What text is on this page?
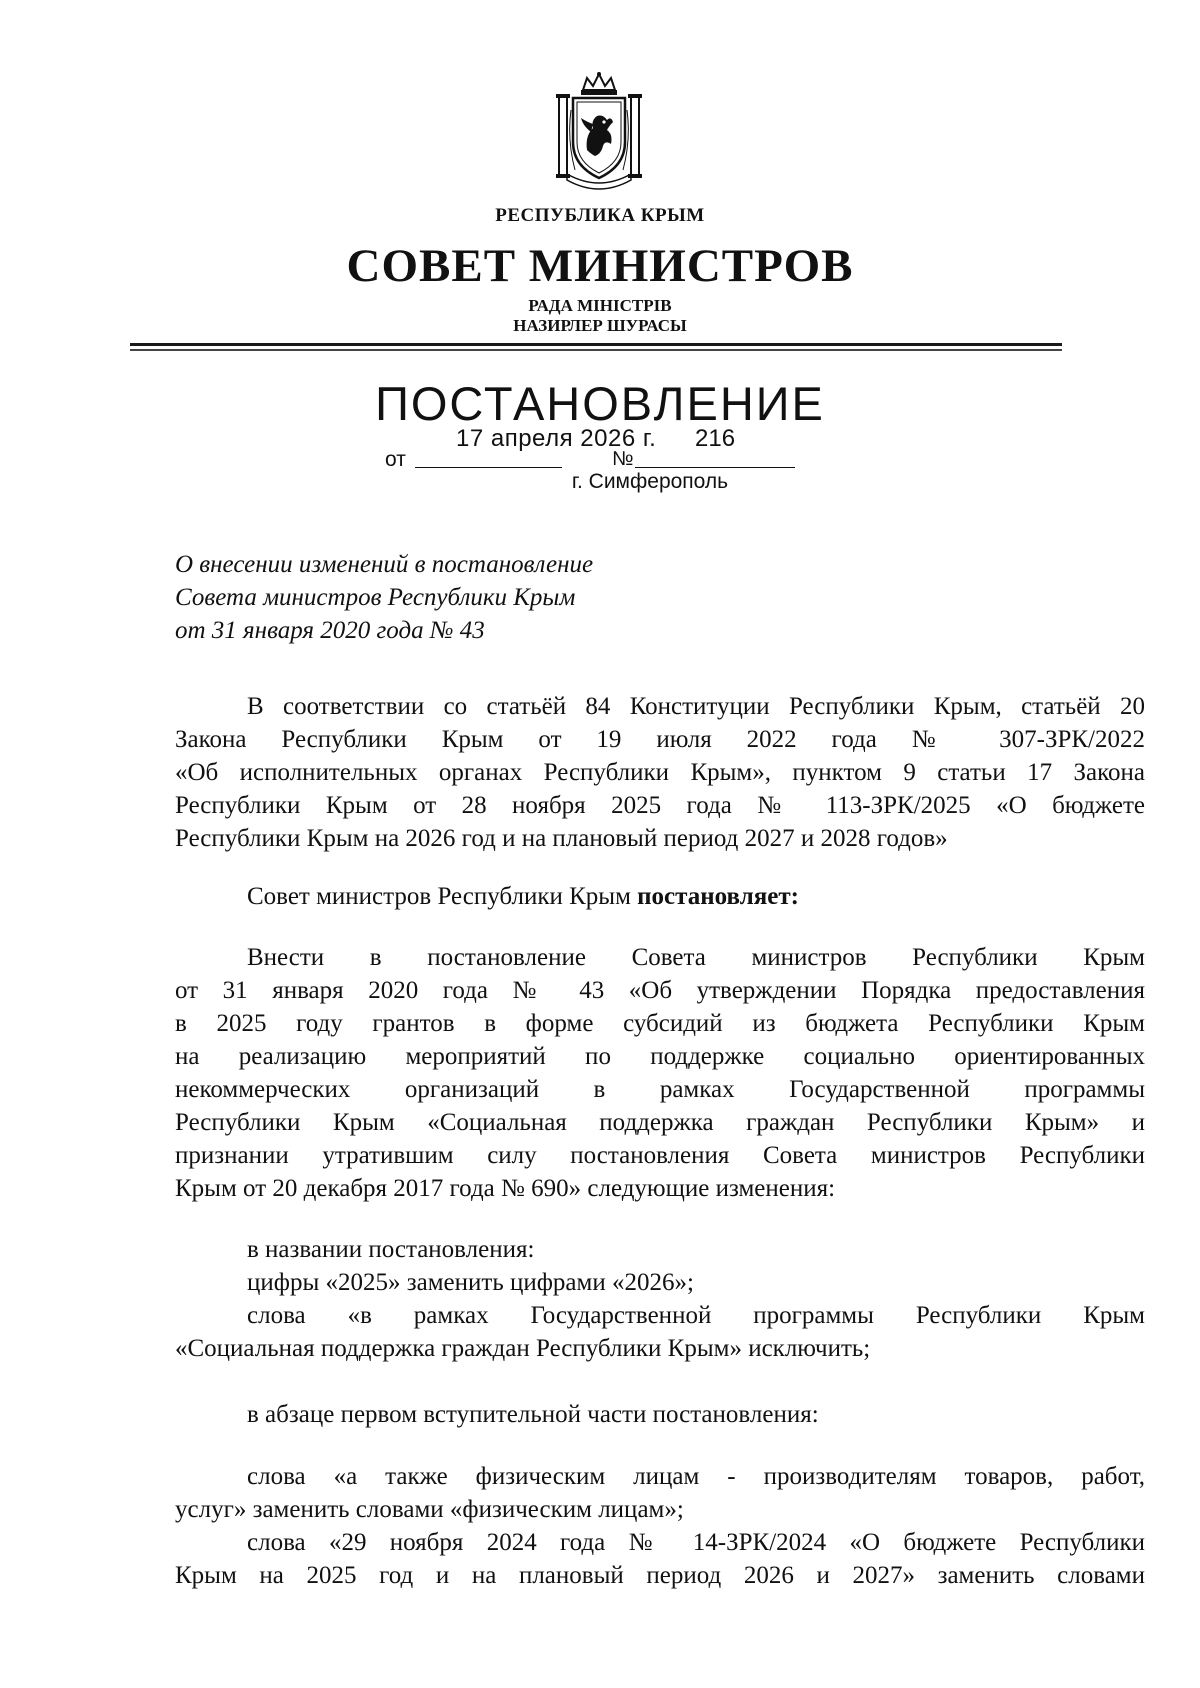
РЕСПУБЛИКА КРЫМ
СОВЕТ МИНИСТРОВ
РАДА МІНІСТРІВ
НАЗИРЛЕР ШУРАСЫ
ПОСТАНОВЛЕНИЕ
от
17 апреля 2026 г.
№
216
г. Симферополь
О внесении изменений в постановление
Совета министров Республики Крым
от 31 января 2020 года № 43
В соответствии со статьёй 84 Конституции Республики Крым, статьёй 20
Закона Республики Крым от 19 июля 2022 года № 307-ЗРК/2022
«Об исполнительных органах Республики Крым», пунктом 9 статьи 17 Закона
Республики Крым от 28 ноября 2025 года № 113-ЗРК/2025 «О бюджете
Республики Крым на 2026 год и на плановый период 2027 и 2028 годов»
Совет министров Республики Крым постановляет:
Внести в постановление Совета министров Республики Крым
от 31 января 2020 года № 43 «Об утверждении Порядка предоставления
в 2025 году грантов в форме субсидий из бюджета Республики Крым
на реализацию мероприятий по поддержке социально ориентированных
некоммерческих организаций в рамках Государственной программы
Республики Крым «Социальная поддержка граждан Республики Крым» и
признании утратившим силу постановления Совета министров Республики
Крым от 20 декабря 2017 года № 690» следующие изменения:
в названии постановления:
цифры «2025» заменить цифрами «2026»;
слова «в рамках Государственной программы Республики Крым
«Социальная поддержка граждан Республики Крым» исключить;
в абзаце первом вступительной части постановления:
слова «а также физическим лицам - производителям товаров, работ,
услуг» заменить словами «физическим лицам»;
слова «29 ноября 2024 года № 14-ЗРК/2024 «О бюджете Республики
Крым на 2025 год и на плановый период 2026 и 2027» заменить словами
